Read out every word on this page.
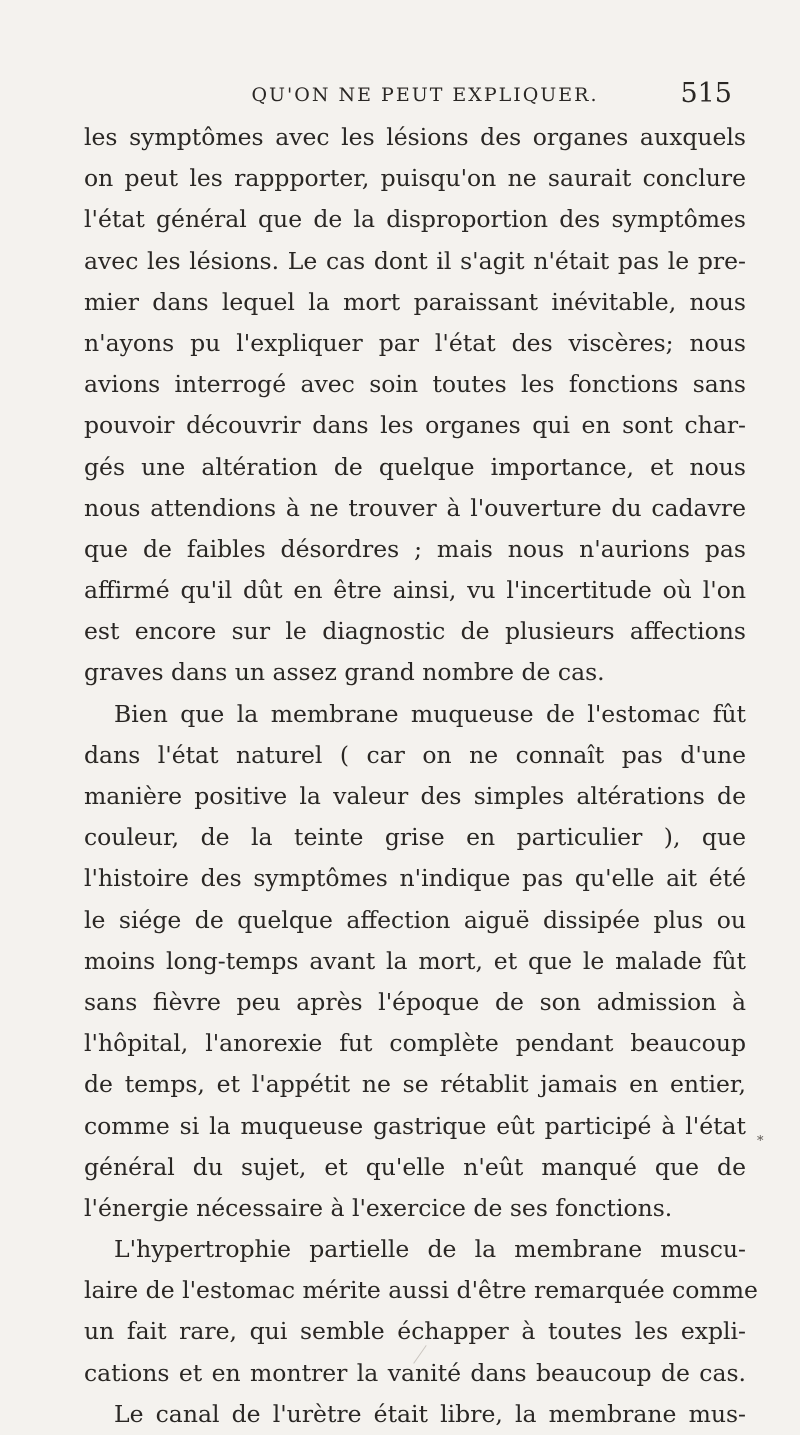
QU'ON NE PEUT EXPLIQUER.	515
les symptômes avec les lésions des organes auxquels
on peut les rappporter, puisqu'on ne saurait conclure
l'état général que de la disproportion des symptômes
avec les lésions. Le cas dont il s'agit n'était pas le pre-
mier dans lequel la mort paraissant inévitable, nous
n'ayons pu l'expliquer par l'état des viscères; nous
avions interrogé avec soin toutes les fonctions sans
pouvoir découvrir dans les organes qui en sont char-
gés une altération de quelque importance, et nous
nous attendions à ne trouver à l'ouverture du cadavre
que de faibles désordres ; mais nous n'aurions pas
affirmé qu'il dût en être ainsi, vu l'incertitude où l'on
est encore sur le diagnostic de plusieurs affections
graves dans un assez grand nombre de cas.
Bien que la membrane muqueuse de l'estomac fût
dans l'état naturel ( car on ne connaît pas d'une
manière positive la valeur des simples altérations de
couleur, de la teinte grise en particulier ), que
l'histoire des symptômes n'indique pas qu'elle ait été
le siége de quelque affection aiguë dissipée plus ou
moins long-temps avant la mort, et que le malade fût
sans fièvre peu après l'époque de son admission à
l'hôpital, l'anorexie fut complète pendant beaucoup
de temps, et l'appétit ne se rétablit jamais en entier,
comme si la muqueuse gastrique eût participé à l'état
général du sujet, et qu'elle n'eût manqué que de
l'énergie nécessaire à l'exercice de ses fonctions.
L'hypertrophie partielle de la membrane muscu-
laire de l'estomac mérite aussi d'être remarquée comme
un fait rare, qui semble échapper à toutes les expli-
cations et en montrer la vanité dans beaucoup de cas.
Le canal de l'urètre était libre, la membrane mus-
*
